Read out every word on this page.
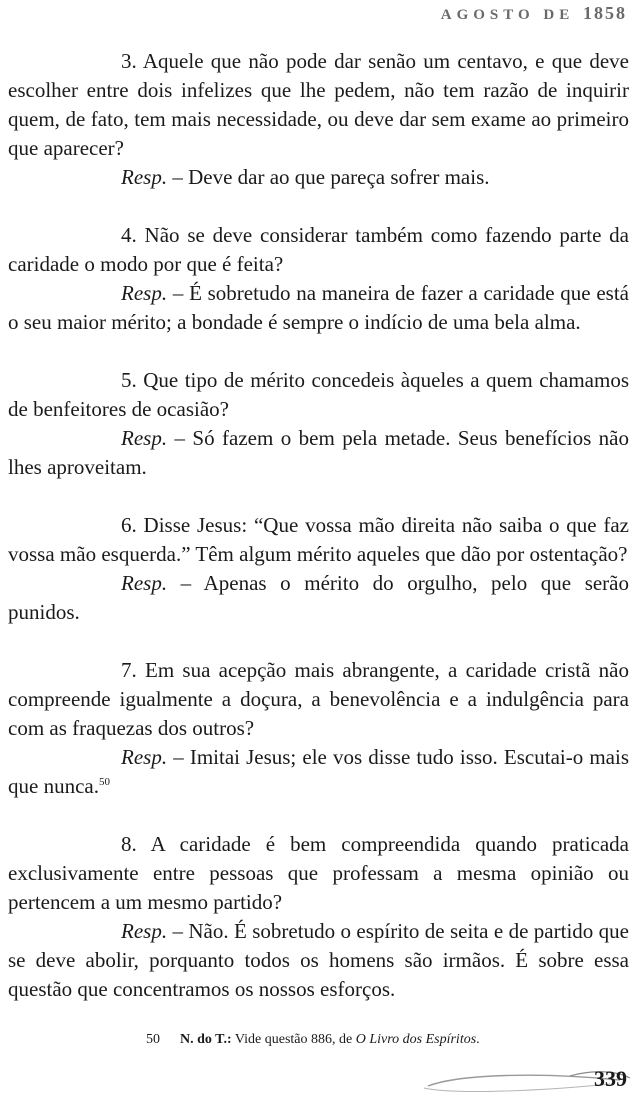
AGOSTO DE 1858

3. Aquele que não pode dar senão um centavo, e que deve escolher entre dois infelizes que lhe pedem, não tem razão de inquirir quem, de fato, tem mais necessidade, ou deve dar sem exame ao primeiro que aparecer?

Resp. – Deve dar ao que pareça sofrer mais.

4. Não se deve considerar também como fazendo parte da caridade o modo por que é feita?

Resp. – É sobretudo na maneira de fazer a caridade que está o seu maior mérito; a bondade é sempre o indício de uma bela alma.

5. Que tipo de mérito concedeis àqueles a quem chamamos de benfeitores de ocasião?

Resp. – Só fazem o bem pela metade. Seus benefícios não lhes aproveitam.

6. Disse Jesus: “Que vossa mão direita não saiba o que faz vossa mão esquerda.” Têm algum mérito aqueles que dão por ostentação?

Resp. – Apenas o mérito do orgulho, pelo que serão punidos.

7. Em sua acepção mais abrangente, a caridade cristã não compreende igualmente a doçura, a benevolência e a indulgência para com as fraquezas dos outros?

Resp. – Imitai Jesus; ele vos disse tudo isso. Escutai-o mais que nunca.$^{50}$

8. A caridade é bem compreendida quando praticada exclusivamente entre pessoas que professam a mesma opinião ou pertencem a um mesmo partido?

Resp. – Não. É sobretudo o espírito de seita e de partido que se deve abolir, porquanto todos os homens são irmãos. É sobre essa questão que concentramos os nossos esforços.

50 N. do T.: Vide questão 886, de O Livro dos Espíritos.
339
